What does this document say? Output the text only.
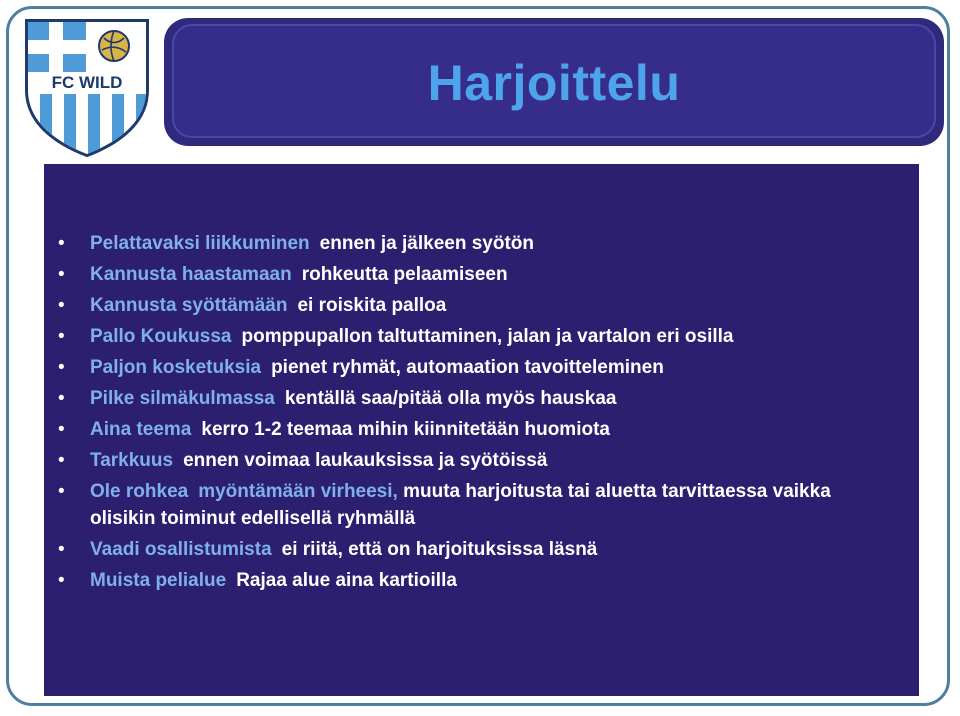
FC WILD	Harjoittelu
• Pelattavaksi liikkuminen ennen ja jälkeen syötön
• Kannusta haastamaan rohkeutta pelaamiseen
• Kannusta syöttämään ei roiskita palloa
• Pallo Koukussa pomppupallon taltuttaminen, jalan ja vartalon eri osilla
• Paljon kosketuksia pienet ryhmät, automaation tavoitteleminen
• Pilke silmäkulmassa kentällä saa/pitää olla myös hauskaa
• Aina teema kerro 1-2 teemaa mihin kiinnitetään huomiota
• Tarkkuus ennen voimaa laukauksissa ja syötöissä
• Ole rohkea myöntämään virheesi, muuta harjoitusta tai aluetta tarvittaessa vaikka olisikin toiminut edellisellä ryhmällä
• Vaadi osallistumista ei riitä, että on harjoituksissa läsnä
• Muista pelialue Rajaa alue aina kartioilla
